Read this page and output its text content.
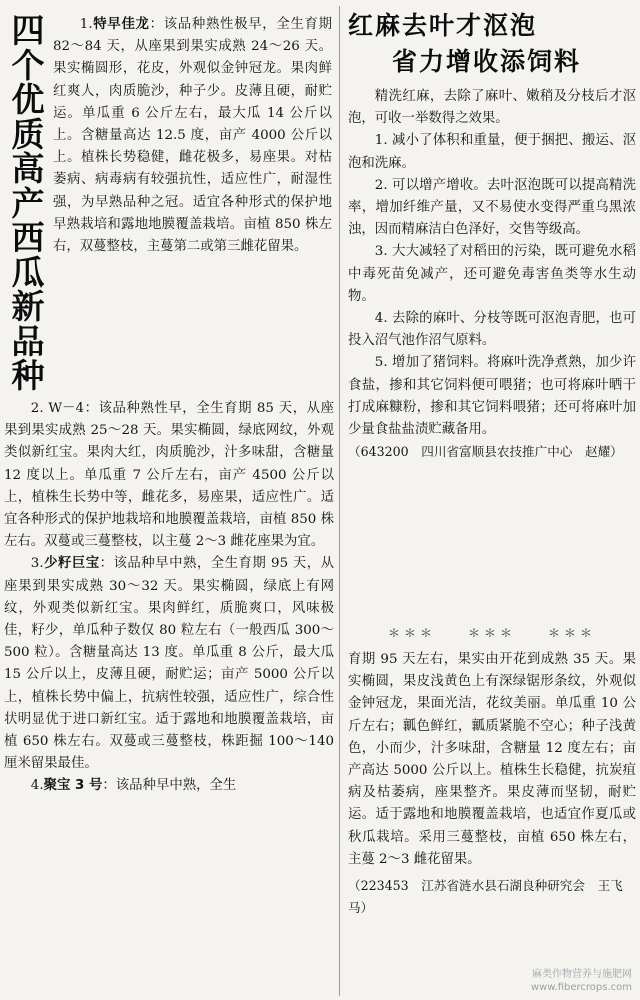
四
个
优
质
高
产
西
瓜
新
品
种

1.特早佳龙：该品种熟性极早，全生育期 82～84 天，从座果到果实成熟 24～26 天。果实椭圆形，花皮，外观似金钟冠龙。果肉鲜红爽人，肉质脆沙，种子少。皮薄且硬，耐贮运。单瓜重 6 公斤左右，最大瓜 14 公斤以上。含糖量高达 12.5 度，亩产 4000 公斤以上。植株长势稳健，雌花极多，易座果。对枯萎病、病毒病有较强抗性，适应性广，耐湿性强，为早熟品种之冠。适宜各种形式的保护地早熟栽培和露地地膜覆盖栽培。亩植 850 株左右，双蔓整枝，主蔓第二或第三雌花留果。

2. W－4：该品种熟性早，全生育期 85 天，从座果到果实成熟 25～28 天。果实椭圆，绿底网纹，外观类似新红宝。果肉大红，肉质脆沙，汁多味甜，含糖量 12 度以上。单瓜重 7 公斤左右，亩产 4500 公斤以上，植株生长势中等，雌花多，易座果，适应性广。适宜各种形式的保护地栽培和地膜覆盖栽培，亩植 850 株左右。双蔓或三蔓整枝，以主蔓 2～3 雌花座果为宜。

3.少籽巨宝：该品种早中熟，全生育期 95 天，从座果到果实成熟 30～32 天。果实椭圆，绿底上有网纹，外观类似新红宝。果肉鲜红，质脆爽口，风味极佳，籽少，单瓜种子数仅 80 粒左右（一般西瓜 300～500 粒）。含糖量高达 13 度。单瓜重 8 公斤，最大瓜 15 公斤以上，皮薄且硬，耐贮运；亩产 5000 公斤以上，植株长势中偏上，抗病性较强，适应性广，综合性状明显优于进口新红宝。适于露地和地膜覆盖栽培，亩植 650 株左右。双蔓或三蔓整枝，株距掘 100～140 厘米留果最佳。

4.聚宝 3 号：该品种早中熟，全生

红麻去叶才沤泡
省力增收添饲料

精洗红麻，去除了麻叶、嫩稍及分枝后才沤泡，可收一举数得之效果。

1. 减小了体积和重量，便于捆把、搬运、沤泡和洗麻。

2. 可以增产增收。去叶沤泡既可以提高精洗率，增加纤维产量，又不易使水变得严重乌黑浓浊，因而精麻洁白色泽好，交售等级高。

3. 大大减轻了对稻田的污染，既可避免水稻中毒死苗免减产，还可避免毒害鱼类等水生动物。

4. 去除的麻叶、分枝等既可沤泡青肥，也可投入沼气池作沼气原料。

5. 增加了猪饲料。将麻叶洗净煮熟，加少许食盐，掺和其它饲料便可喂猪；也可将麻叶晒干打成麻糠粉，掺和其它饲料喂猪；还可将麻叶加少量食盐盐渍贮藏备用。

（643200　四川省富顺县农技推广中心　赵耀）
＊＊＊　　＊＊＊　　＊＊＊

育期 95 天左右，果实由开花到成熟 35 天。果实椭圆，果皮浅黄色上有深绿锯形条纹，外观似金钟冠龙，果面光洁，花纹美丽。单瓜重 10 公斤左右；瓤色鲜红，瓤质紧脆不空心；种子浅黄色，小而少，汁多味甜，含糖量 12 度左右；亩产高达 5000 公斤以上。植株生长稳健，抗炭疽病及枯萎病，座果整齐。果皮薄而坚韧，耐贮运。适于露地和地膜覆盖栽培，也适宜作夏瓜或秋瓜栽培。采用三蔓整枝，亩植 650 株左右，主蔓 2～3 雌花留果。

（223453　江苏省涟水县石湖良种研究会　王飞马）
麻类作物营养与施肥网
www.fibercrops.com
